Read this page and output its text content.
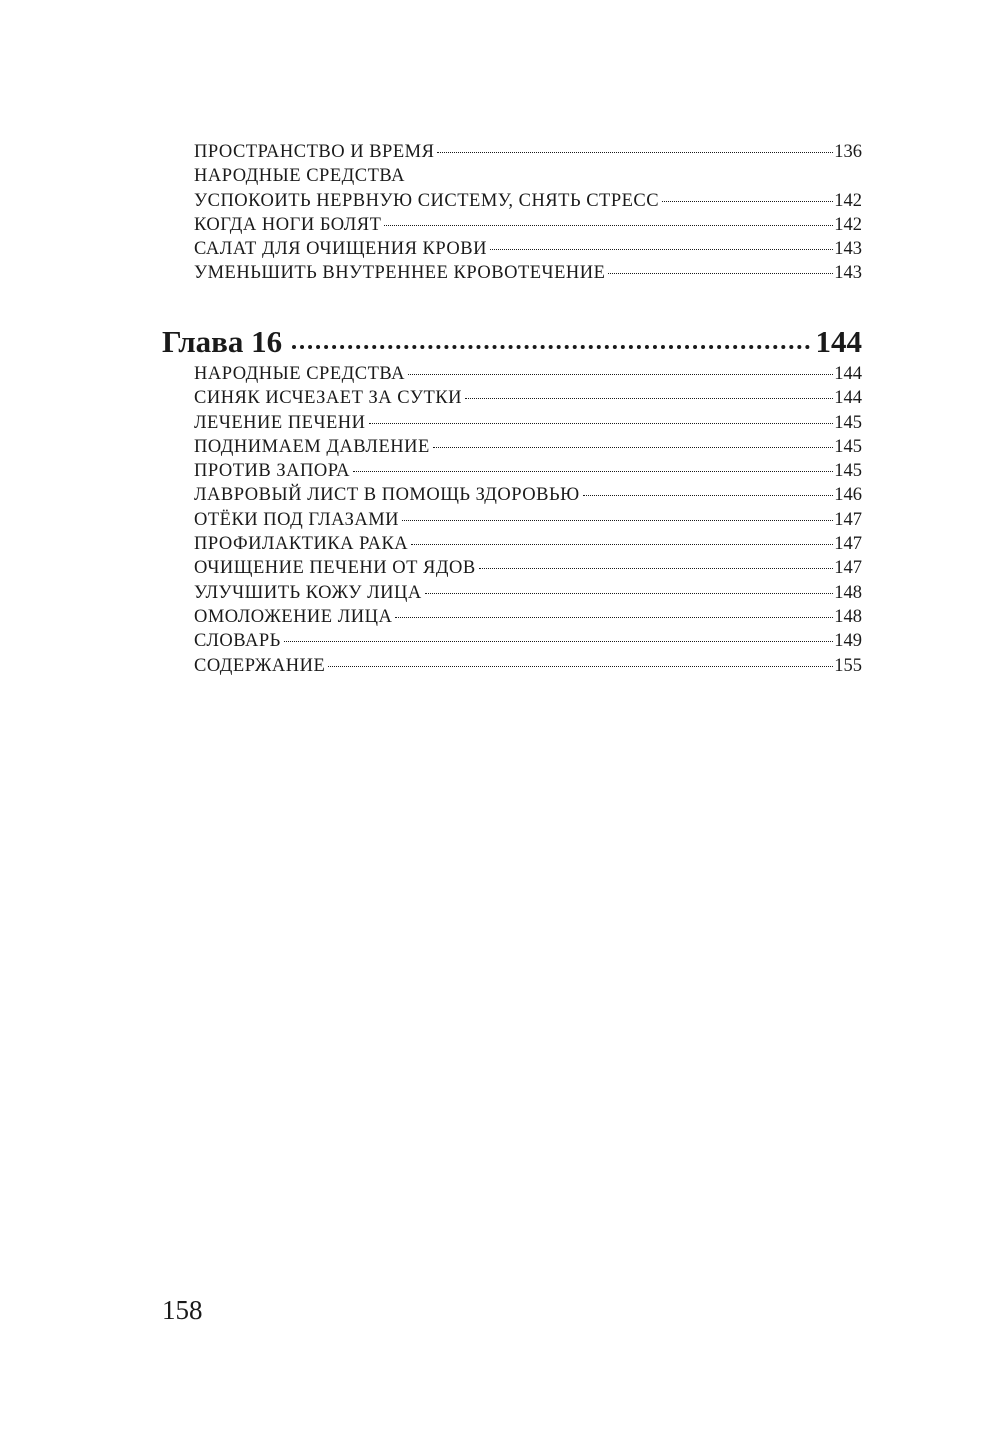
ПРОСТРАНСТВО И ВРЕМЯ	136
НАРОДНЫЕ СРЕДСТВА
УСПОКОИТЬ НЕРВНУЮ СИСТЕМУ, СНЯТЬ СТРЕСС	142
КОГДА НОГИ БОЛЯТ	142
САЛАТ ДЛЯ ОЧИЩЕНИЯ КРОВИ	143
УМЕНЬШИТЬ ВНУТРЕННЕЕ КРОВОТЕЧЕНИЕ	143
Глава 16	144
НАРОДНЫЕ СРЕДСТВА	144
СИНЯК ИСЧЕЗАЕТ ЗА СУТКИ	144
ЛЕЧЕНИЕ ПЕЧЕНИ	145
ПОДНИМАЕМ ДАВЛЕНИЕ	145
ПРОТИВ ЗАПОРА	145
ЛАВРОВЫЙ ЛИСТ В ПОМОЩЬ ЗДОРОВЬЮ	146
ОТЁКИ ПОД ГЛАЗАМИ	147
ПРОФИЛАКТИКА РАКА	147
ОЧИЩЕНИЕ ПЕЧЕНИ ОТ ЯДОВ	147
УЛУЧШИТЬ КОЖУ ЛИЦА	148
ОМОЛОЖЕНИЕ ЛИЦА	148
СЛОВАРЬ	149
СОДЕРЖАНИЕ	155
158
